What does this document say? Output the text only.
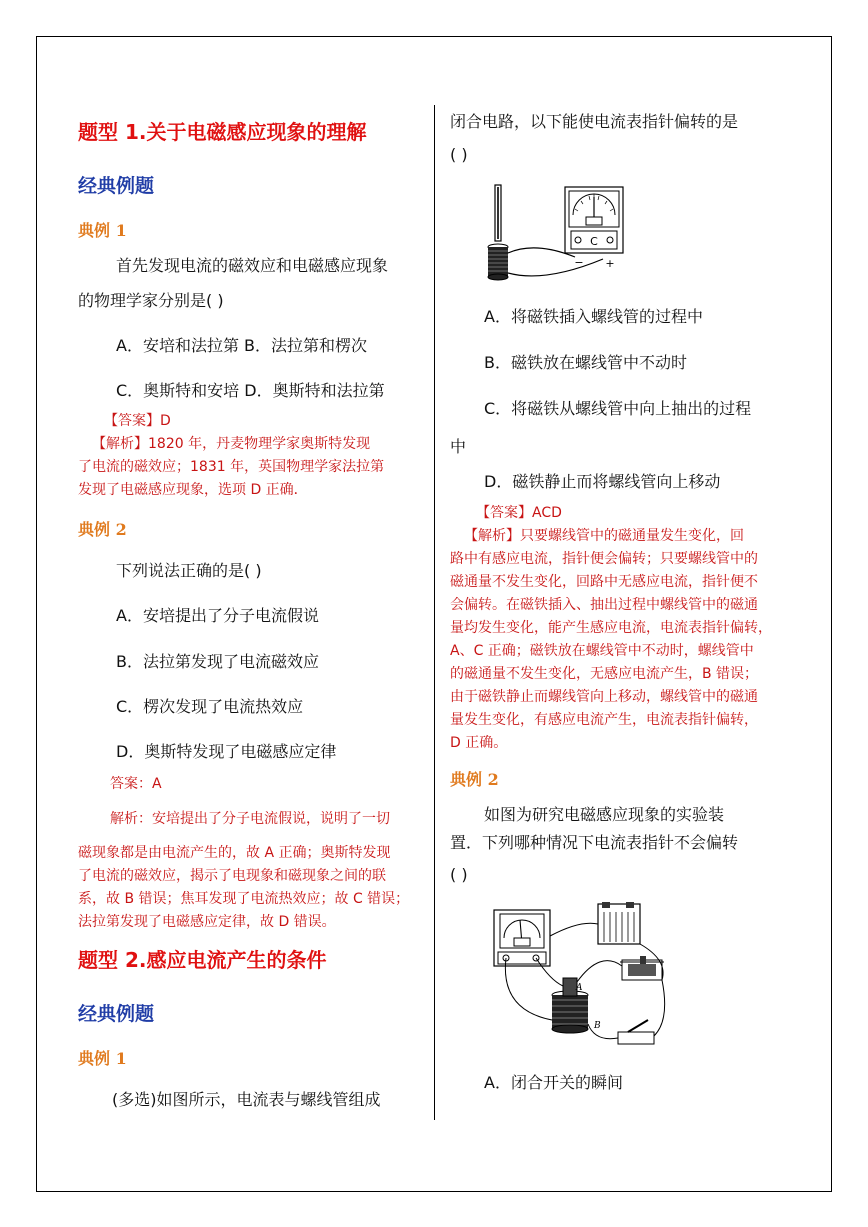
题型 1.关于电磁感应现象的理解
经典例题
典例 1
首先发现电流的磁效应和电磁感应现象
的物理学家分别是( )
A．安培和法拉第 B．法拉第和楞次
C．奥斯特和安培 D．奥斯特和法拉第
【答案】D
【解析】1820 年，丹麦物理学家奥斯特发现
了电流的磁效应；1831 年，英国物理学家法拉第
发现了电磁感应现象，选项 D 正确．
典例 2
下列说法正确的是( )
A．安培提出了分子电流假说
B．法拉第发现了电流磁效应
C．楞次发现了电流热效应
D．奥斯特发现了电磁感应定律
答案：A
解析：安培提出了分子电流假说，说明了一切
磁现象都是由电流产生的，故 A 正确；奥斯特发现
了电流的磁效应，揭示了电现象和磁现象之间的联
系，故 B 错误；焦耳发现了电流热效应；故 C 错误；
法拉第发现了电磁感应定律，故 D 错误。
题型 2.感应电流产生的条件
经典例题
典例 1
(多选)如图所示，电流表与螺线管组成
闭合电路，以下能使电流表指针偏转的是
( )
C
− +
A．将磁铁插入螺线管的过程中
B．磁铁放在螺线管中不动时
C．将磁铁从螺线管中向上抽出的过程
中
D．磁铁静止而将螺线管向上移动
【答案】ACD
【解析】只要螺线管中的磁通量发生变化，回
路中有感应电流，指针便会偏转；只要螺线管中的
磁通量不发生变化，回路中无感应电流，指针便不
会偏转。在磁铁插入、抽出过程中螺线管中的磁通
量均发生变化，能产生感应电流，电流表指针偏转，
A、C 正确；磁铁放在螺线管中不动时，螺线管中
的磁通量不发生变化，无感应电流产生，B 错误；
由于磁铁静止而螺线管向上移动，螺线管中的磁通
量发生变化，有感应电流产生，电流表指针偏转，
D 正确。
典例 2
如图为研究电磁感应现象的实验装
置．下列哪种情况下电流表指针不会偏转
( )
A
B
A．闭合开关的瞬间
